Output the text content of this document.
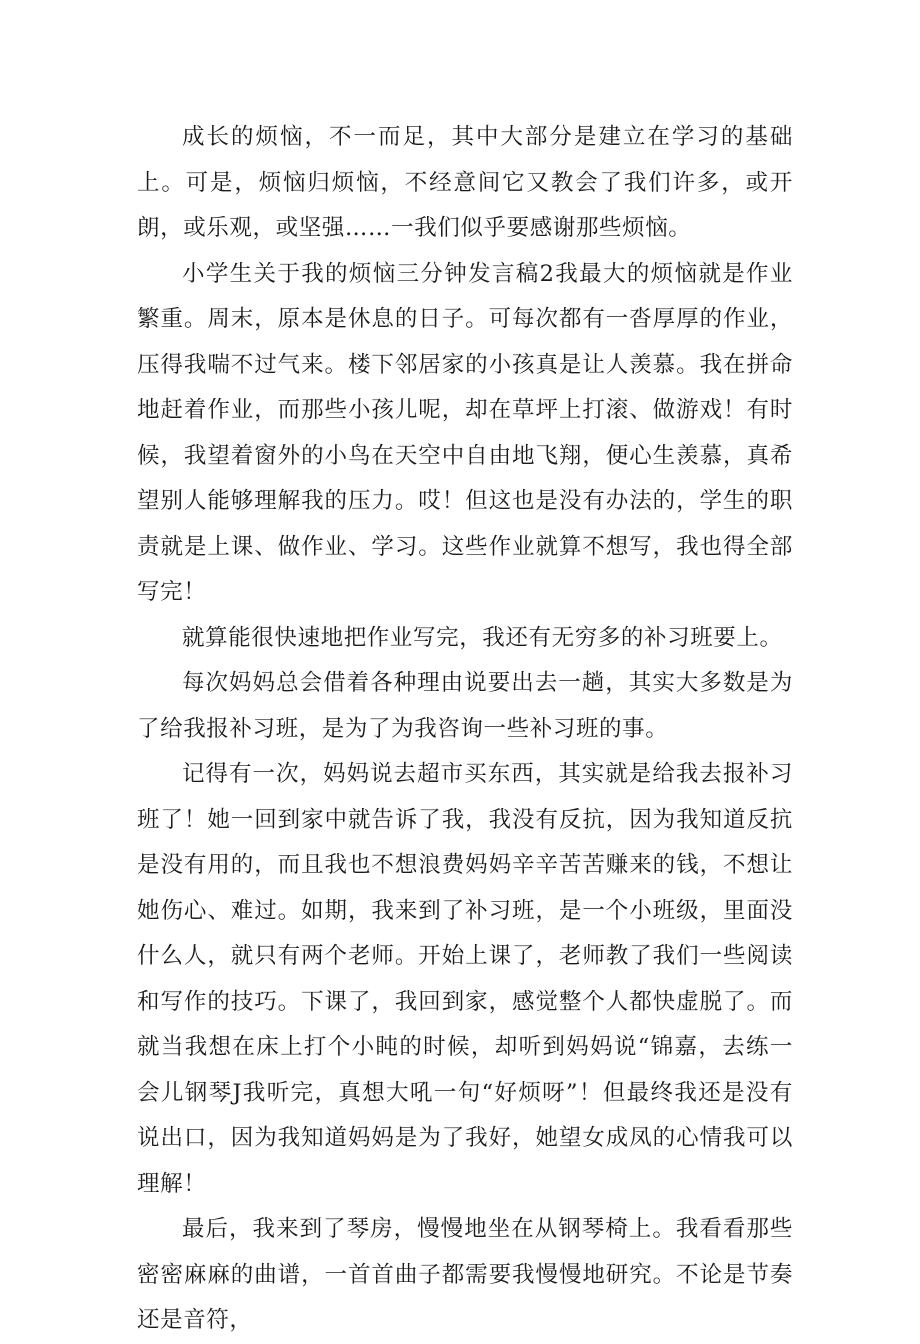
成长的烦恼，不一而足，其中大部分是建立在学习的基础上。可是，烦恼归烦恼，不经意间它又教会了我们许多，或开朗，或乐观，或坚强……一我们似乎要感谢那些烦恼。

小学生关于我的烦恼三分钟发言稿2我最大的烦恼就是作业繁重。周末，原本是休息的日子。可每次都有一沓厚厚的作业，压得我喘不过气来。楼下邻居家的小孩真是让人羡慕。我在拼命地赶着作业，而那些小孩儿呢，却在草坪上打滚、做游戏！有时候，我望着窗外的小鸟在天空中自由地飞翔，便心生羡慕，真希望别人能够理解我的压力。哎！但这也是没有办法的，学生的职责就是上课、做作业、学习。这些作业就算不想写，我也得全部写完！

就算能很快速地把作业写完，我还有无穷多的补习班要上。

每次妈妈总会借着各种理由说要出去一趟，其实大多数是为了给我报补习班，是为了为我咨询一些补习班的事。

记得有一次，妈妈说去超市买东西，其实就是给我去报补习班了！她一回到家中就告诉了我，我没有反抗，因为我知道反抗是没有用的，而且我也不想浪费妈妈辛辛苦苦赚来的钱，不想让她伤心、难过。如期，我来到了补习班，是一个小班级，里面没什么人，就只有两个老师。开始上课了，老师教了我们一些阅读和写作的技巧。下课了，我回到家，感觉整个人都快虚脱了。而就当我想在床上打个小盹的时候，却听到妈妈说“锦嘉，去练一会儿钢琴J我听完，真想大吼一句“好烦呀”！但最终我还是没有说出口，因为我知道妈妈是为了我好，她望女成凤的心情我可以理解！

最后，我来到了琴房，慢慢地坐在从钢琴椅上。我看看那些密密麻麻的曲谱，一首首曲子都需要我慢慢地研究。不论是节奏还是音符，
